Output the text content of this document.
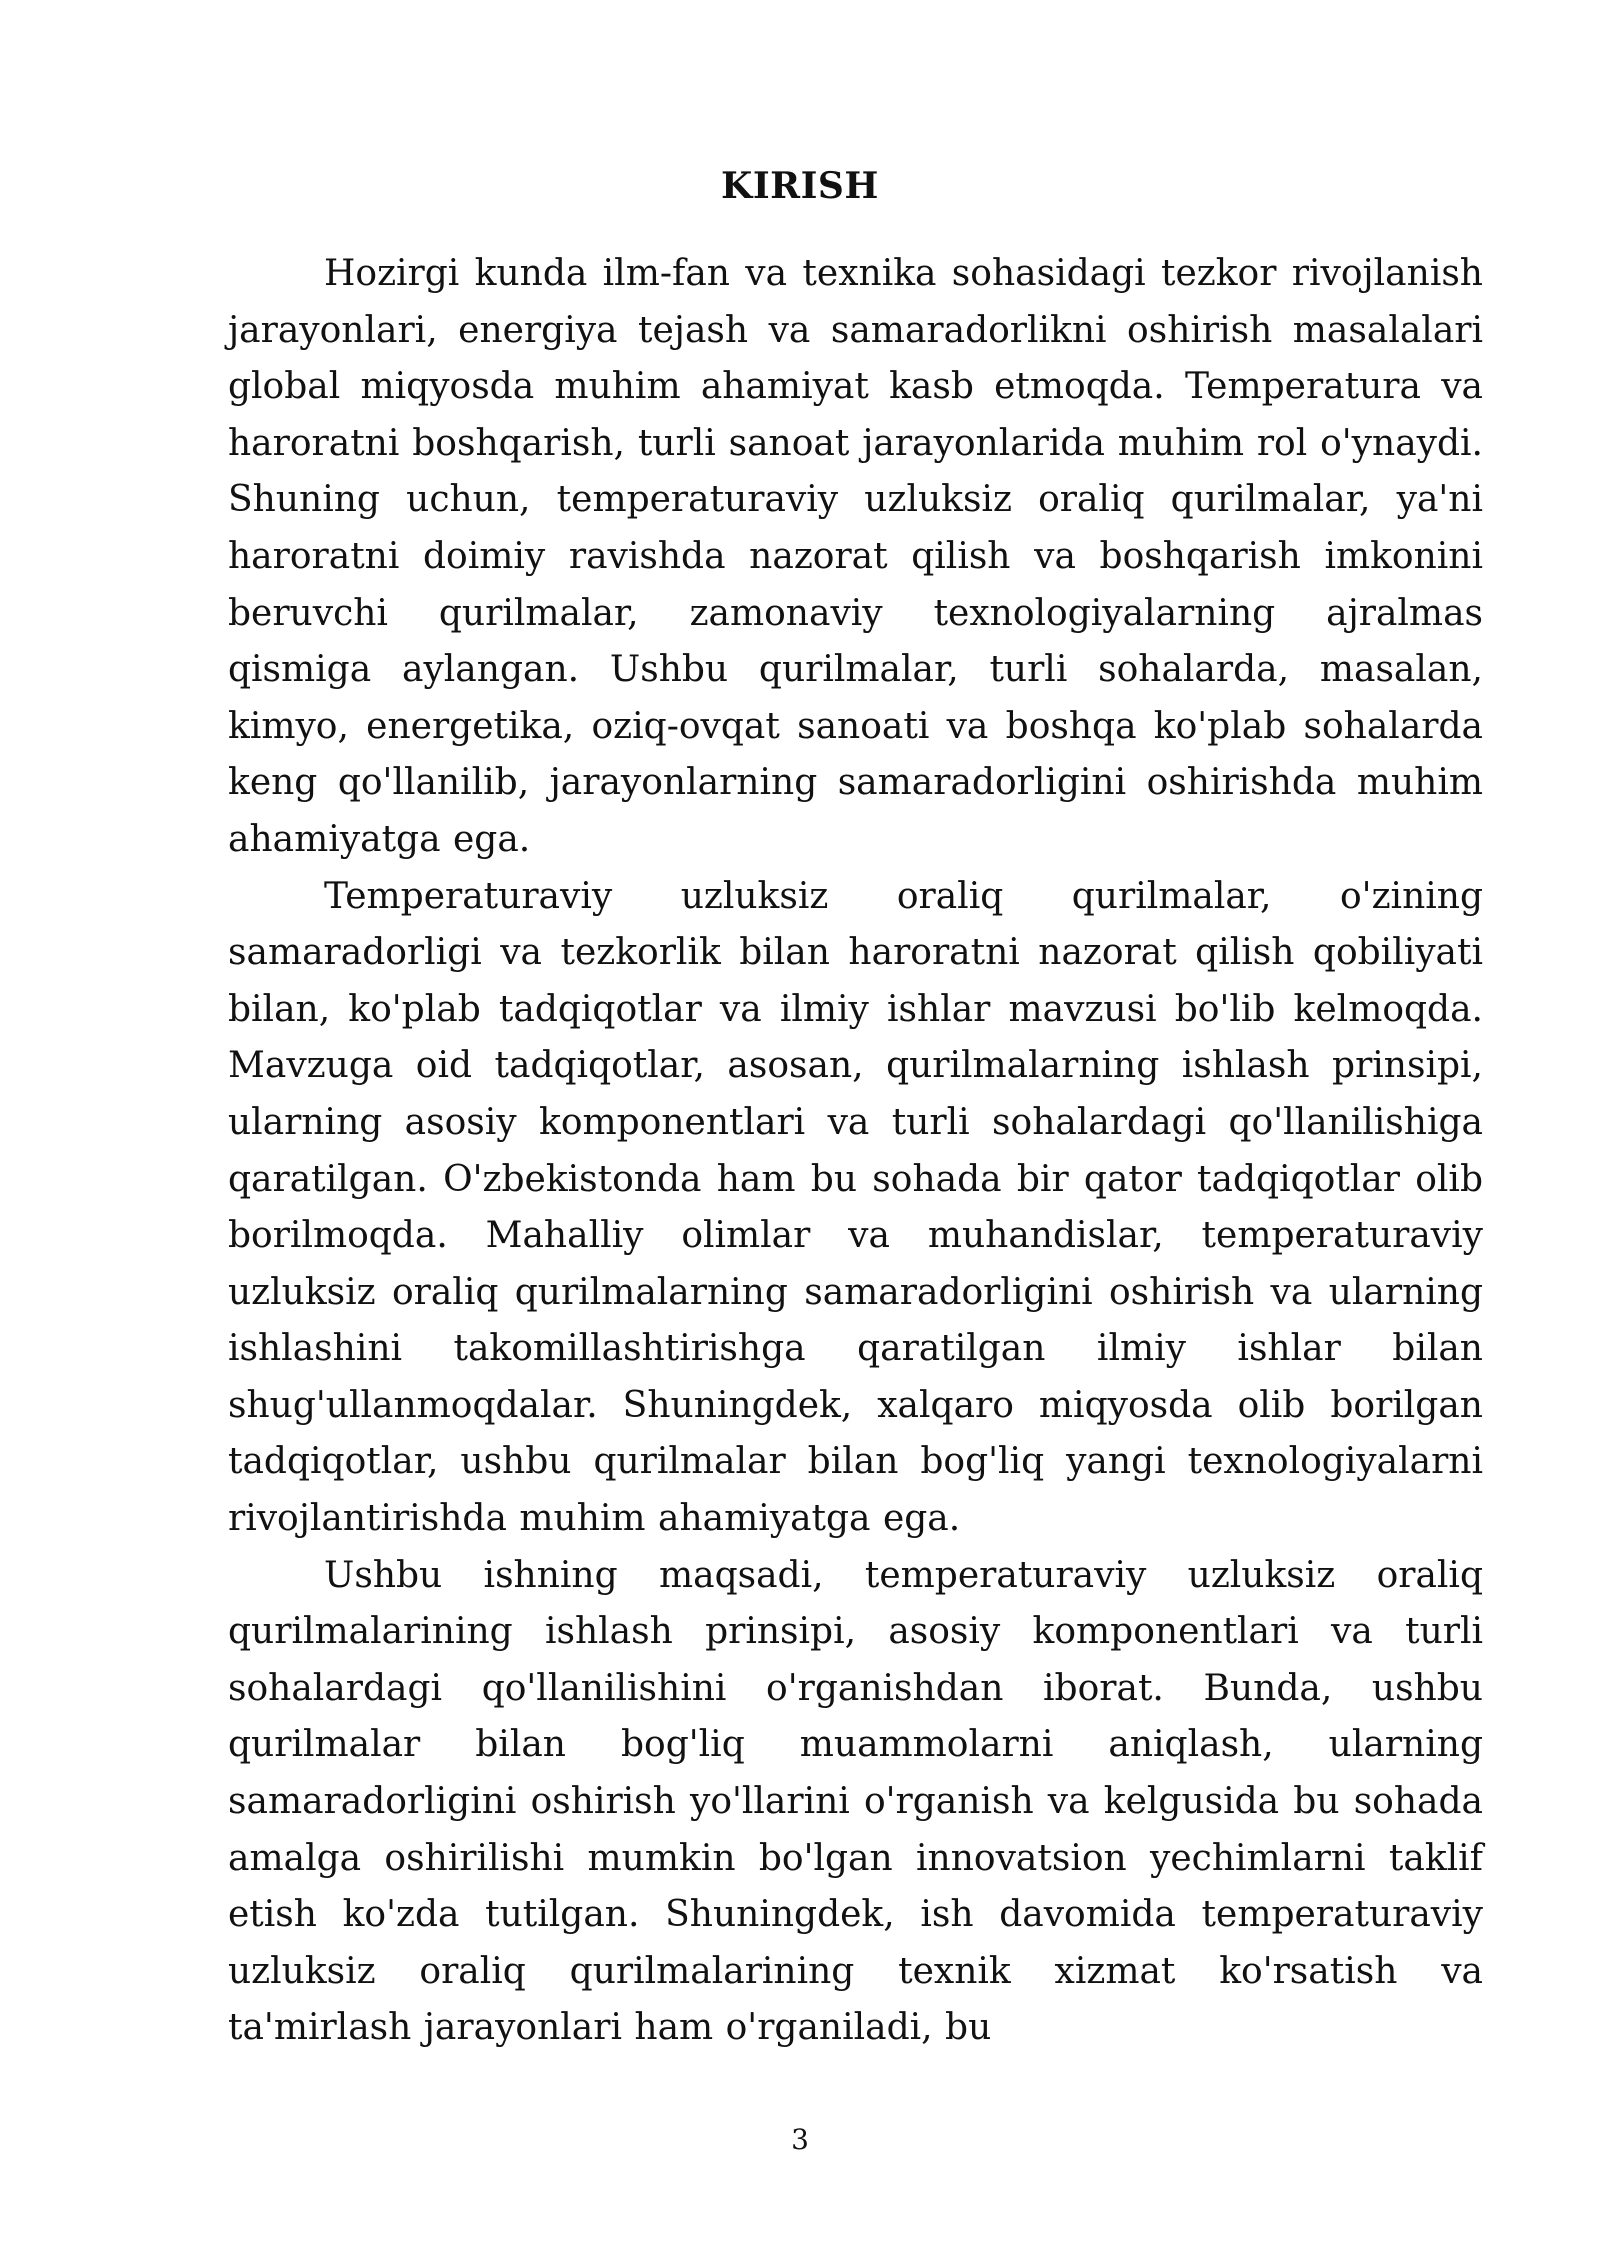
KIRISH

Hozirgi kunda ilm-fan va texnika sohasidagi tezkor rivojlanish jarayonlari, energiya tejash va samaradorlikni oshirish masalalari global miqyosda muhim ahamiyat kasb etmoqda. Temperatura va haroratni boshqarish, turli sanoat jarayonlarida muhim rol o'ynaydi. Shuning uchun, temperaturaviy uzluksiz oraliq qurilmalar, ya'ni haroratni doimiy ravishda nazorat qilish va boshqarish imkonini beruvchi qurilmalar, zamonaviy texnologiyalarning ajralmas qismiga aylangan. Ushbu qurilmalar, turli sohalarda, masalan, kimyo, energetika, oziq-ovqat sanoati va boshqa ko'plab sohalarda keng qo'llanilib, jarayonlarning samaradorligini oshirishda muhim ahamiyatga ega.

Temperaturaviy uzluksiz oraliq qurilmalar, o'zining samaradorligi va tezkorlik bilan haroratni nazorat qilish qobiliyati bilan, ko'plab tadqiqotlar va ilmiy ishlar mavzusi bo'lib kelmoqda. Mavzuga oid tadqiqotlar, asosan, qurilmalarning ishlash prinsipi, ularning asosiy komponentlari va turli sohalardagi qo'llanilishiga qaratilgan. O'zbekistonda ham bu sohada bir qator tadqiqotlar olib borilmoqda. Mahalliy olimlar va muhandislar, temperaturaviy uzluksiz oraliq qurilmalarning samaradorligini oshirish va ularning ishlashini takomillashtirishga qaratilgan ilmiy ishlar bilan shug'ullanmoqdalar. Shuningdek, xalqaro miqyosda olib borilgan tadqiqotlar, ushbu qurilmalar bilan bog'liq yangi texnologiyalarni rivojlantirishda muhim ahamiyatga ega.

Ushbu ishning maqsadi, temperaturaviy uzluksiz oraliq qurilmalarining ishlash prinsipi, asosiy komponentlari va turli sohalardagi qo'llanilishini o'rganishdan iborat. Bunda, ushbu qurilmalar bilan bog'liq muammolarni aniqlash, ularning samaradorligini oshirish yo'llarini o'rganish va kelgusida bu sohada amalga oshirilishi mumkin bo'lgan innovatsion yechimlarni taklif etish ko'zda tutilgan. Shuningdek, ish davomida temperaturaviy uzluksiz oraliq qurilmalarining texnik xizmat ko'rsatish va ta'mirlash jarayonlari ham o'rganiladi, bu

3
